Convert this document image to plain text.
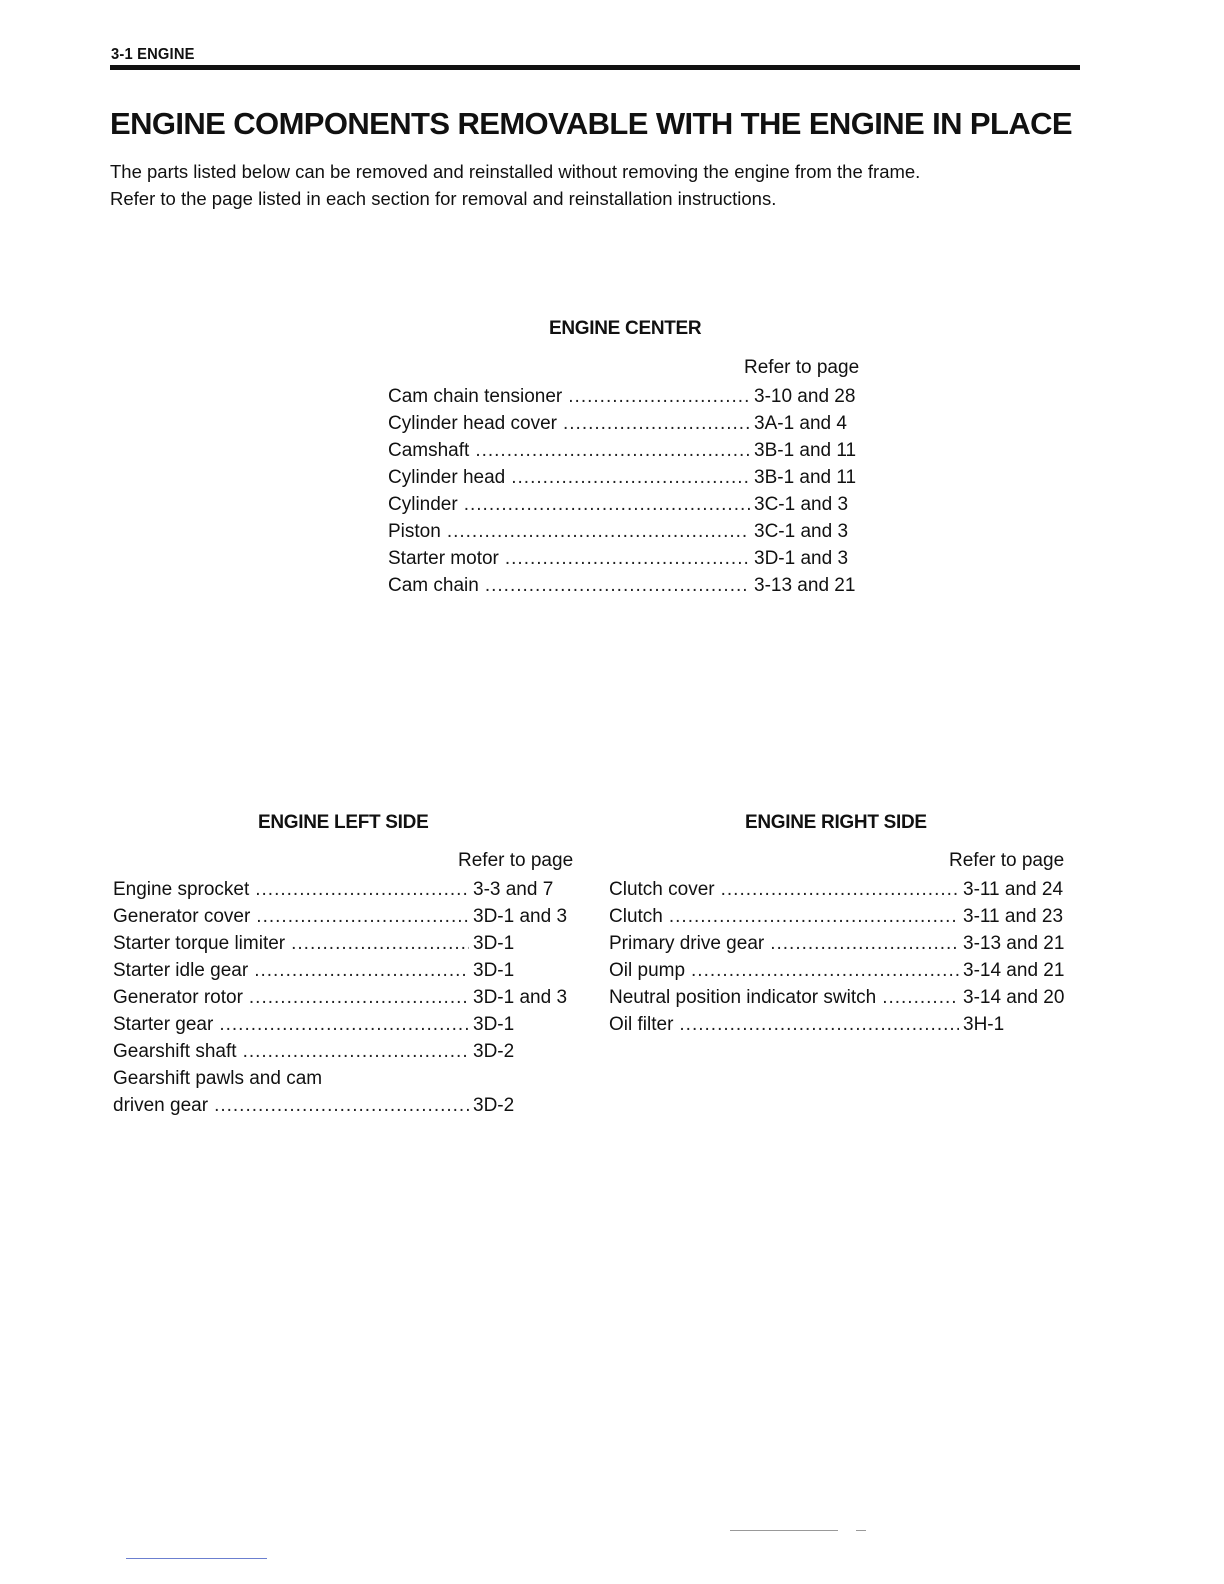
3-1 ENGINE
ENGINE COMPONENTS REMOVABLE WITH THE ENGINE IN PLACE

The parts listed below can be removed and reinstalled without removing the engine from the frame.

Refer to the page listed in each section for removal and reinstallation instructions.

ENGINE CENTER
Refer to page
Cam chain tensioner .....	3-10 and 28
Cylinder head cover .....	3A-1 and 4
Camshaft .....	3B-1 and 11
Cylinder head .....	3B-1 and 11
Cylinder .....	3C-1 and 3
Piston .....	3C-1 and 3
Starter motor .....	3D-1 and 3
Cam chain .....	3-13 and 21
ENGINE LEFT SIDE
Refer to page
Engine sprocket .....	3-3 and 7
Generator cover .....	3D-1 and 3
Starter torque limiter .....	3D-1
Starter idle gear .....	3D-1
Generator rotor .....	3D-1 and 3
Starter gear .....	3D-1
Gearshift shaft .....	3D-2
Gearshift pawls and cam
driven gear .....	3D-2
ENGINE RIGHT SIDE
Refer to page
Clutch cover .....	3-11 and 24
Clutch .....	3-11 and 23
Primary drive gear .....	3-13 and 21
Oil pump .....	3-14 and 21
Neutral position indicator switch .....	3-14 and 20
Oil filter .....	3H-1
